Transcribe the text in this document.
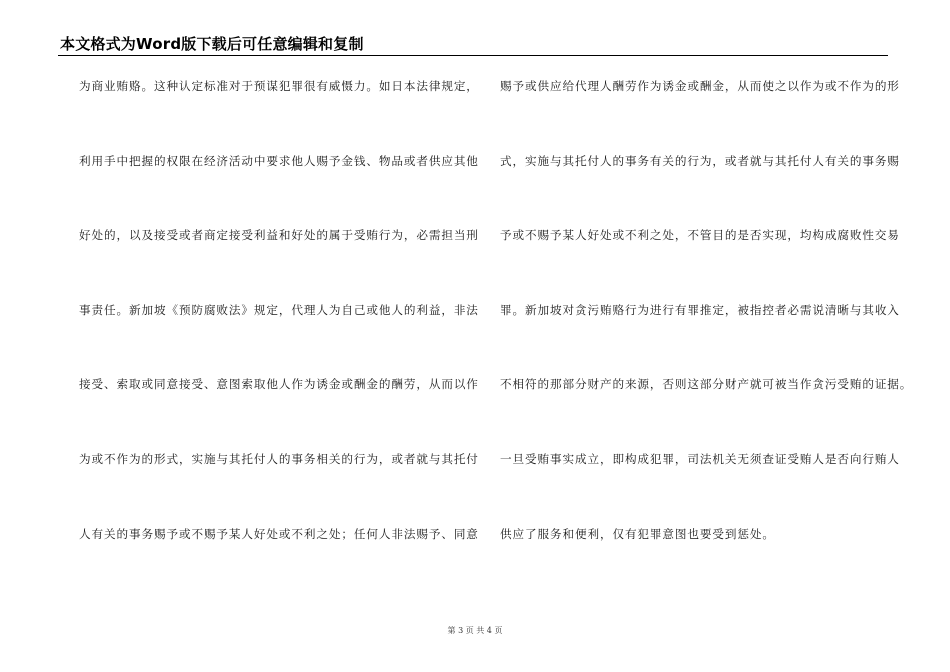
本文格式为Word版下载后可任意编辑和复制
为商业贿赂。这种认定标准对于预谋犯罪很有威慑力。如日本法律规定，
利用手中把握的权限在经济活动中要求他人赐予金钱、物品或者供应其他
好处的，以及接受或者商定接受利益和好处的属于受贿行为，必需担当刑
事责任。新加坡《预防腐败法》规定，代理人为自己或他人的利益，非法
接受、索取或同意接受、意图索取他人作为诱金或酬金的酬劳，从而以作
为或不作为的形式，实施与其托付人的事务相关的行为，或者就与其托付
人有关的事务赐予或不赐予某人好处或不利之处；任何人非法赐予、同意
赐予或供应给代理人酬劳作为诱金或酬金，从而使之以作为或不作为的形
式，实施与其托付人的事务有关的行为，或者就与其托付人有关的事务赐
予或不赐予某人好处或不利之处，不管目的是否实现，均构成腐败性交易
罪。新加坡对贪污贿赂行为进行有罪推定，被指控者必需说清晰与其收入
不相符的那部分财产的来源，否则这部分财产就可被当作贪污受贿的证据。
一旦受贿事实成立，即构成犯罪，司法机关无须查证受贿人是否向行贿人
供应了服务和便利，仅有犯罪意图也要受到惩处。
第 3 页 共 4 页
